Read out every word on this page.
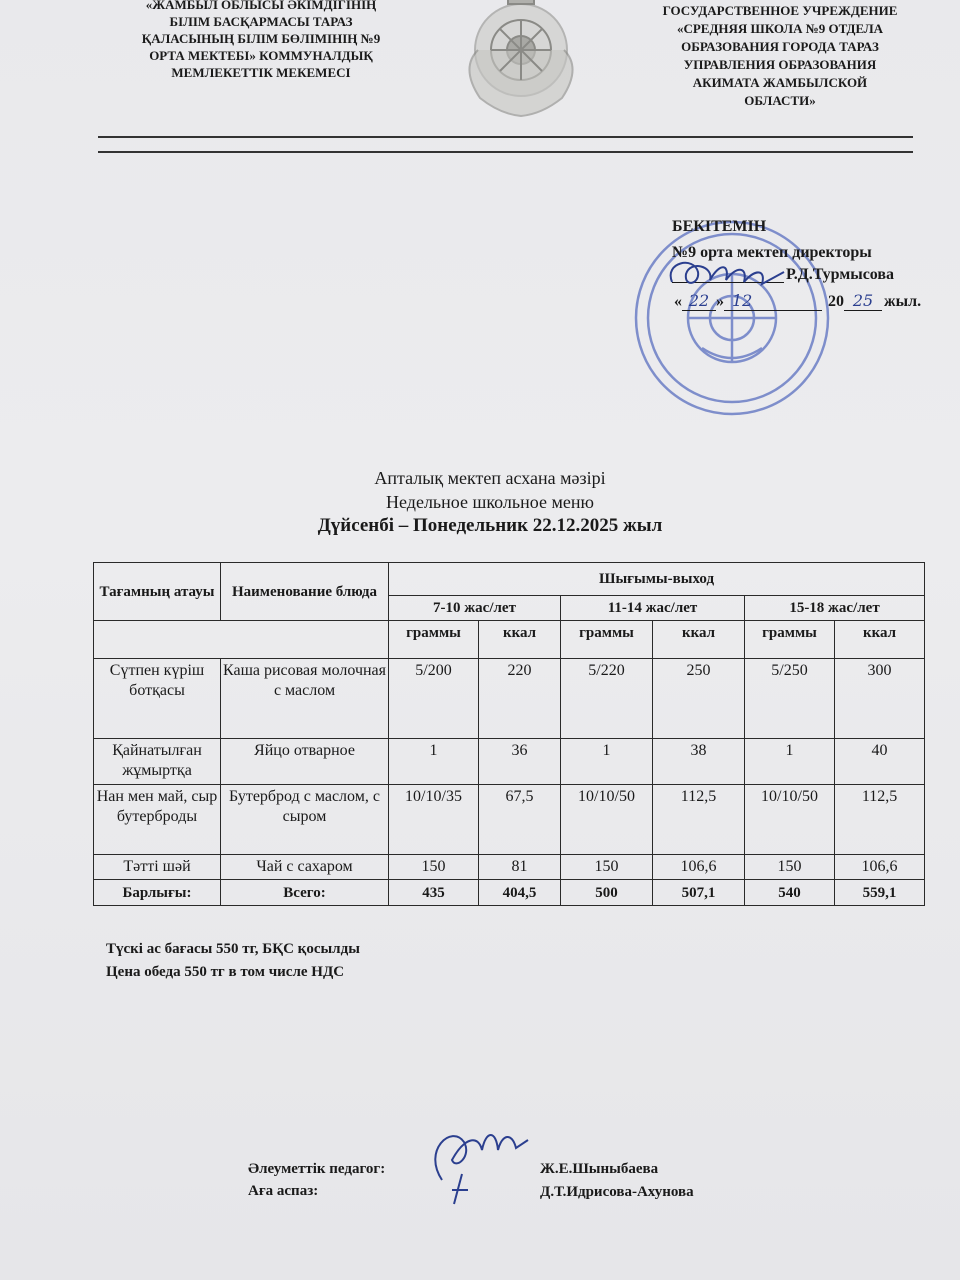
«ЖАМБЫЛ ОБЛЫСЫ ӘКІМДІГІНІҢ
БІЛІМ БАСҚАРМАСЫ ТАРАЗ
ҚАЛАСЫНЫҢ БІЛІМ БӨЛІМІНІҢ №9
ОРТА МЕКТЕБІ» КОММУНАЛДЫҚ
МЕМЛЕКЕТТІК МЕКЕМЕСІ
ГОСУДАРСТВЕННОЕ УЧРЕЖДЕНИЕ
«СРЕДНЯЯ ШКОЛА №9 ОТДЕЛА
ОБРАЗОВАНИЯ ГОРОДА ТАРАЗ
УПРАВЛЕНИЯ ОБРАЗОВАНИЯ
АКИМАТА ЖАМБЫЛСКОЙ
ОБЛАСТИ»
БЕКІТЕМІН
№9 орта мектеп директоры
Р.Д.Турмысова
« 22 » 12	20 25 жыл.
Апталық мектеп асхана мәзірі
Недельное школьное меню
Дүйсенбі – Понедельник 22.12.2025 жыл
Тағамның атауы	Наименование блюда	Шығымы-выход					
		7-10 жас/лет		11-14 жас/лет		15-18 жас/лет	
		граммы	ккал	граммы	ккал	граммы	ккал
Сүтпен күріш ботқасы	Каша рисовая молочная с маслом	5/200	220	5/220	250	5/250	300
Қайнатылған жұмыртқа	Яйцо отварное	1	36	1	38	1	40
Нан мен май, сыр бутерброды	Бутерброд с маслом, с сыром	10/10/35	67,5	10/10/50	112,5	10/10/50	112,5
Тәтті шәй	Чай с сахаром	150	81	150	106,6	150	106,6
Барлығы:	Всего:	435	404,5	500	507,1	540	559,1
Түскі ас бағасы 550 тг, БҚС қосылды
Цена обеда 550 тг в том числе НДС
Әлеуметтік педагог:
Аға аспаз:
Ж.Е.Шыныбаева
Д.Т.Идрисова-Ахунова
